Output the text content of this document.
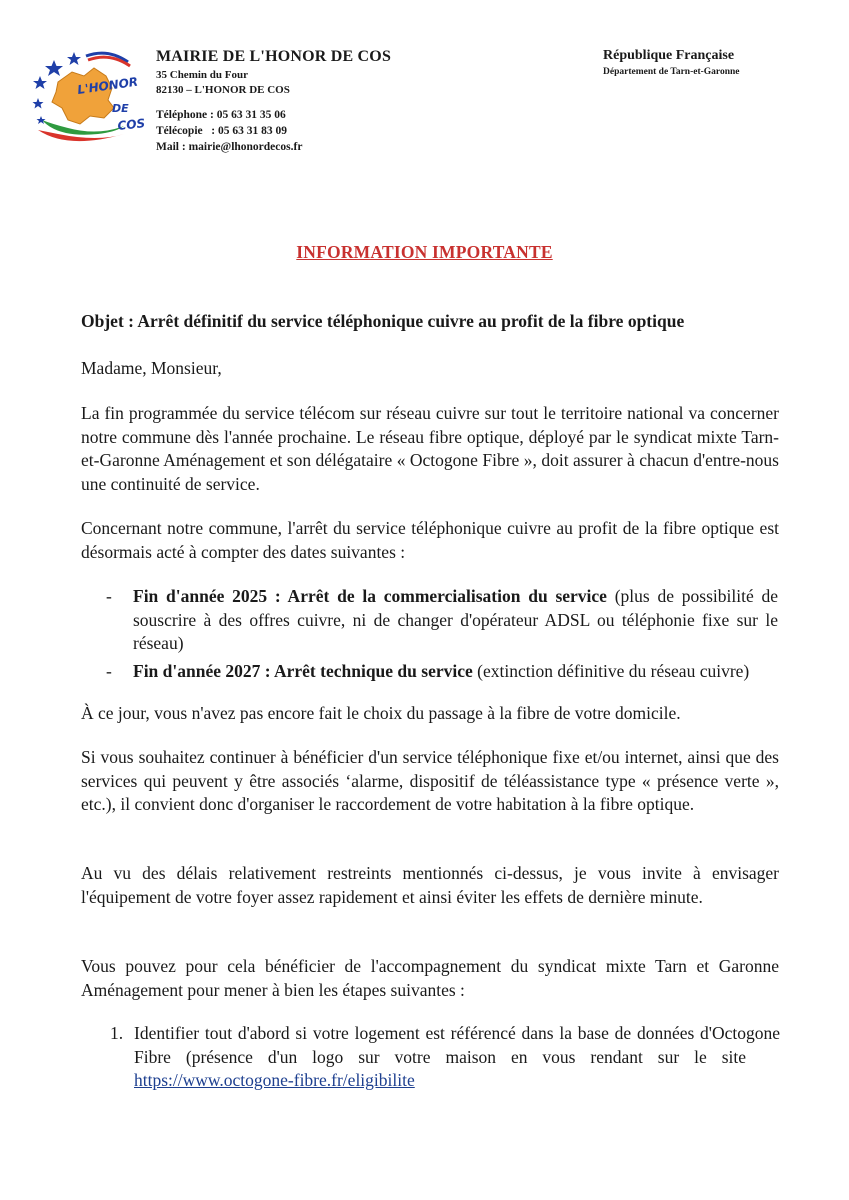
L'HONOR
DE
COS
MAIRIE DE L'HONOR DE COS
35 Chemin du Four
82130 – L'HONOR DE COS
Téléphone : 05 63 31 35 06
Télécopie   : 05 63 31 83 09
Mail : mairie@lhonordecos.fr
République Française
Département de Tarn-et-Garonne
INFORMATION IMPORTANTE
Objet : Arrêt définitif du service téléphonique cuivre au profit de la fibre optique
Madame, Monsieur,
La fin programmée du service télécom sur réseau cuivre sur tout le territoire national va concerner notre commune dès l'année prochaine. Le réseau fibre optique, déployé par le syndicat mixte Tarn-et-Garonne Aménagement et son délégataire « Octogone Fibre », doit assurer à chacun d'entre-nous une continuité de service.
Concernant notre commune, l'arrêt du service téléphonique cuivre au profit de la fibre optique est désormais acté à compter des dates suivantes :
-	Fin d'année 2025 : Arrêt de la commercialisation du service (plus de possibilité de souscrire à des offres cuivre, ni de changer d'opérateur ADSL ou téléphonie fixe sur le réseau)
-	Fin d'année 2027 : Arrêt technique du service (extinction définitive du réseau cuivre)
À ce jour, vous n'avez pas encore fait le choix du passage à la fibre de votre domicile.
Si vous souhaitez continuer à bénéficier d'un service téléphonique fixe et/ou internet, ainsi que des services qui peuvent y être associés ‘alarme, dispositif de téléassistance type « présence verte », etc.), il convient donc d'organiser le raccordement de votre habitation à la fibre optique.
Au vu des délais relativement restreints mentionnés ci-dessus, je vous invite à envisager l'équipement de votre foyer assez rapidement et ainsi éviter les effets de dernière minute.
Vous pouvez pour cela bénéficier de l'accompagnement du syndicat mixte Tarn et Garonne Aménagement pour mener à bien les étapes suivantes :
1. Identifier tout d'abord si votre logement est référencé dans la base de données d'Octogone Fibre (présence d'un logo sur votre maison en vous rendant sur le sitehttps://www.octogone-fibre.fr/eligibilite
